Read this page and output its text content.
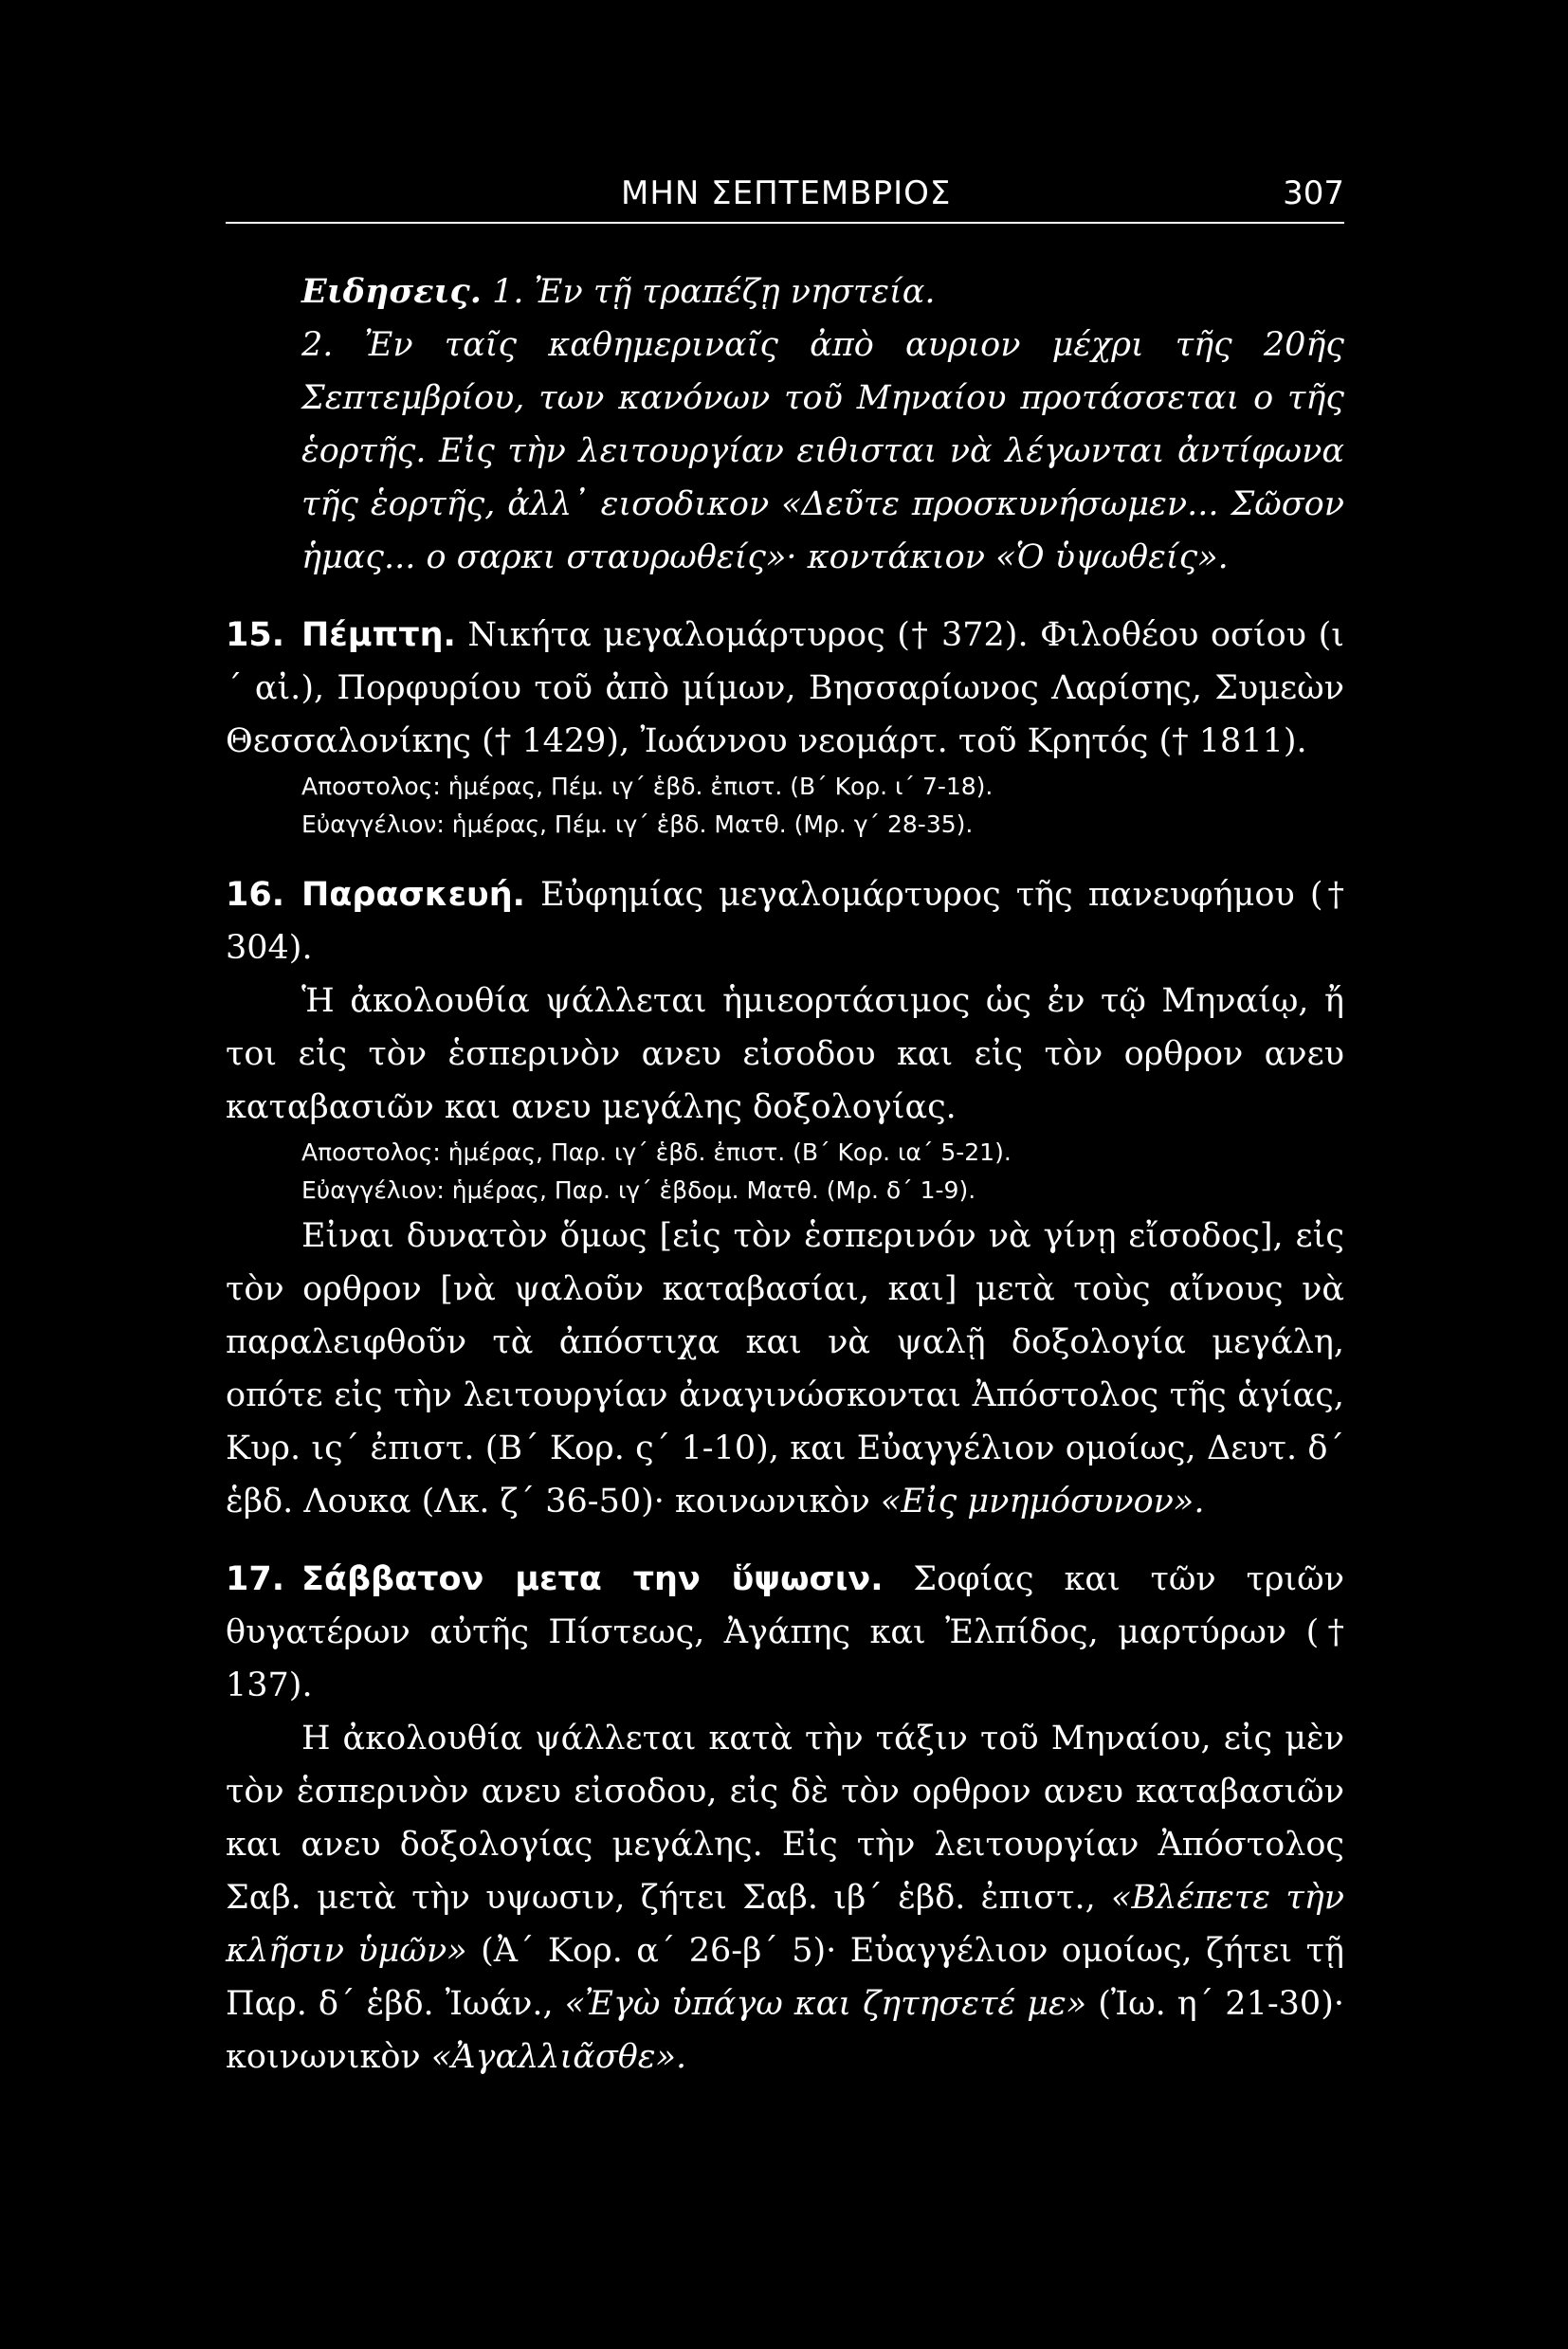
ΜΗΝ ΣΕΠΤΕΜΒΡΙΟΣ	307

Ειδησεις. 1. Ἐν τῇ τραπέζῃ νηστεία.

2. Ἐν ταῖς καθημεριναῖς ἀπὸ αυριον μέχρι τῆς 20ῆς Σεπτεμβρίου, των κανόνων τοῦ Μηναίου προτάσσεται ο τῆς ἑορτῆς. Εἰς τὴν λειτουργίαν ειθισται νὰ λέγωνται ἀντίφωνα τῆς ἑορτῆς, ἀλλ᾿ εισοδικον «Δεῦτε προσκυνήσωμεν... Σῶσον ἡμας... ο σαρκι σταυρωθείς»· κοντάκιον «Ὁ ὑψωθείς».

15. Πέμπτη. Νικήτα μεγαλομάρτυρος († 372). Φιλοθέου οσίου (ι´ αἰ.), Πορφυρίου τοῦ ἀπὸ μίμων, Βησσαρίωνος Λαρίσης, Συμεὼν Θεσσαλονίκης († 1429), Ἰωάννου νεομάρτ. τοῦ Κρητός († 1811).

Αποστολος: ἡμέρας, Πέμ. ιγ´ ἑβδ. ἐπιστ. (Β´ Κορ. ι´ 7-18).

Εὐαγγέλιον: ἡμέρας, Πέμ. ιγ´ ἑβδ. Ματθ. (Μρ. γ´ 28-35).

16. Παρασκευή. Εὐφημίας μεγαλομάρτυρος τῆς πανευφήμου († 304).

Ἡ ἀκολουθία ψάλλεται ἡμιεορτάσιμος ὡς ἐν τῷ Μηναίῳ, ἤ τοι εἰς τὸν ἑσπερινὸν ανευ εἰσοδου και εἰς τὸν ορθρον ανευ καταβασιῶν και ανευ μεγάλης δοξολογίας.

Αποστολος: ἡμέρας, Παρ. ιγ´ ἑβδ. ἐπιστ. (Β´ Κορ. ια´ 5-21).

Εὐαγγέλιον: ἡμέρας, Παρ. ιγ´ ἑβδομ. Ματθ. (Μρ. δ´ 1-9).

Εἰναι δυνατὸν ὅμως [εἰς τὸν ἑσπερινόν νὰ γίνῃ εἴσοδος], εἰς τὸν ορθρον [νὰ ψαλοῦν καταβασίαι, και] μετὰ τοὺς αἴνους νὰ παραλειφθοῦν τὰ ἀπόστιχα και νὰ ψαλῇ δοξολογία μεγάλη, οπότε εἰς τὴν λειτουργίαν ἀναγινώσκονται Ἀπόστολος τῆς ἁγίας, Κυρ. ις´ ἐπιστ. (Β´ Κορ. ς´ 1-10), και Εὐαγγέλιον ομοίως, Δευτ. δ´ ἑβδ. Λουκα (Λκ. ζ´ 36-50)· κοινωνικὸν «Εἰς μνημόσυνον».

17. Σάββατον μετα την ὕψωσιν. Σοφίας και τῶν τριῶν θυγατέρων αὐτῆς Πίστεως, Ἀγάπης και Ἐλπίδος, μαρτύρων († 137).

Η ἀκολουθία ψάλλεται κατὰ τὴν τάξιν τοῦ Μηναίου, εἰς μὲν τὸν ἑσπερινὸν ανευ εἰσοδου, εἰς δὲ τὸν ορθρον ανευ καταβασιῶν και ανευ δοξολογίας μεγάλης. Εἰς τὴν λειτουργίαν Ἀπόστολος Σαβ. μετὰ τὴν υψωσιν, ζήτει Σαβ. ιβ´ ἑβδ. ἐπιστ., «Βλέπετε τὴν κλῆσιν ὑμῶν» (Ἀ´ Κορ. α´ 26-β´ 5)· Εὐαγγέλιον ομοίως, ζήτει τῇ Παρ. δ´ ἑβδ. Ἰωάν., «Ἐγὼ ὑπάγω και ζητησετέ με» (Ἰω. η´ 21-30)· κοινωνικὸν «Ἀγαλλιᾶσθε».
